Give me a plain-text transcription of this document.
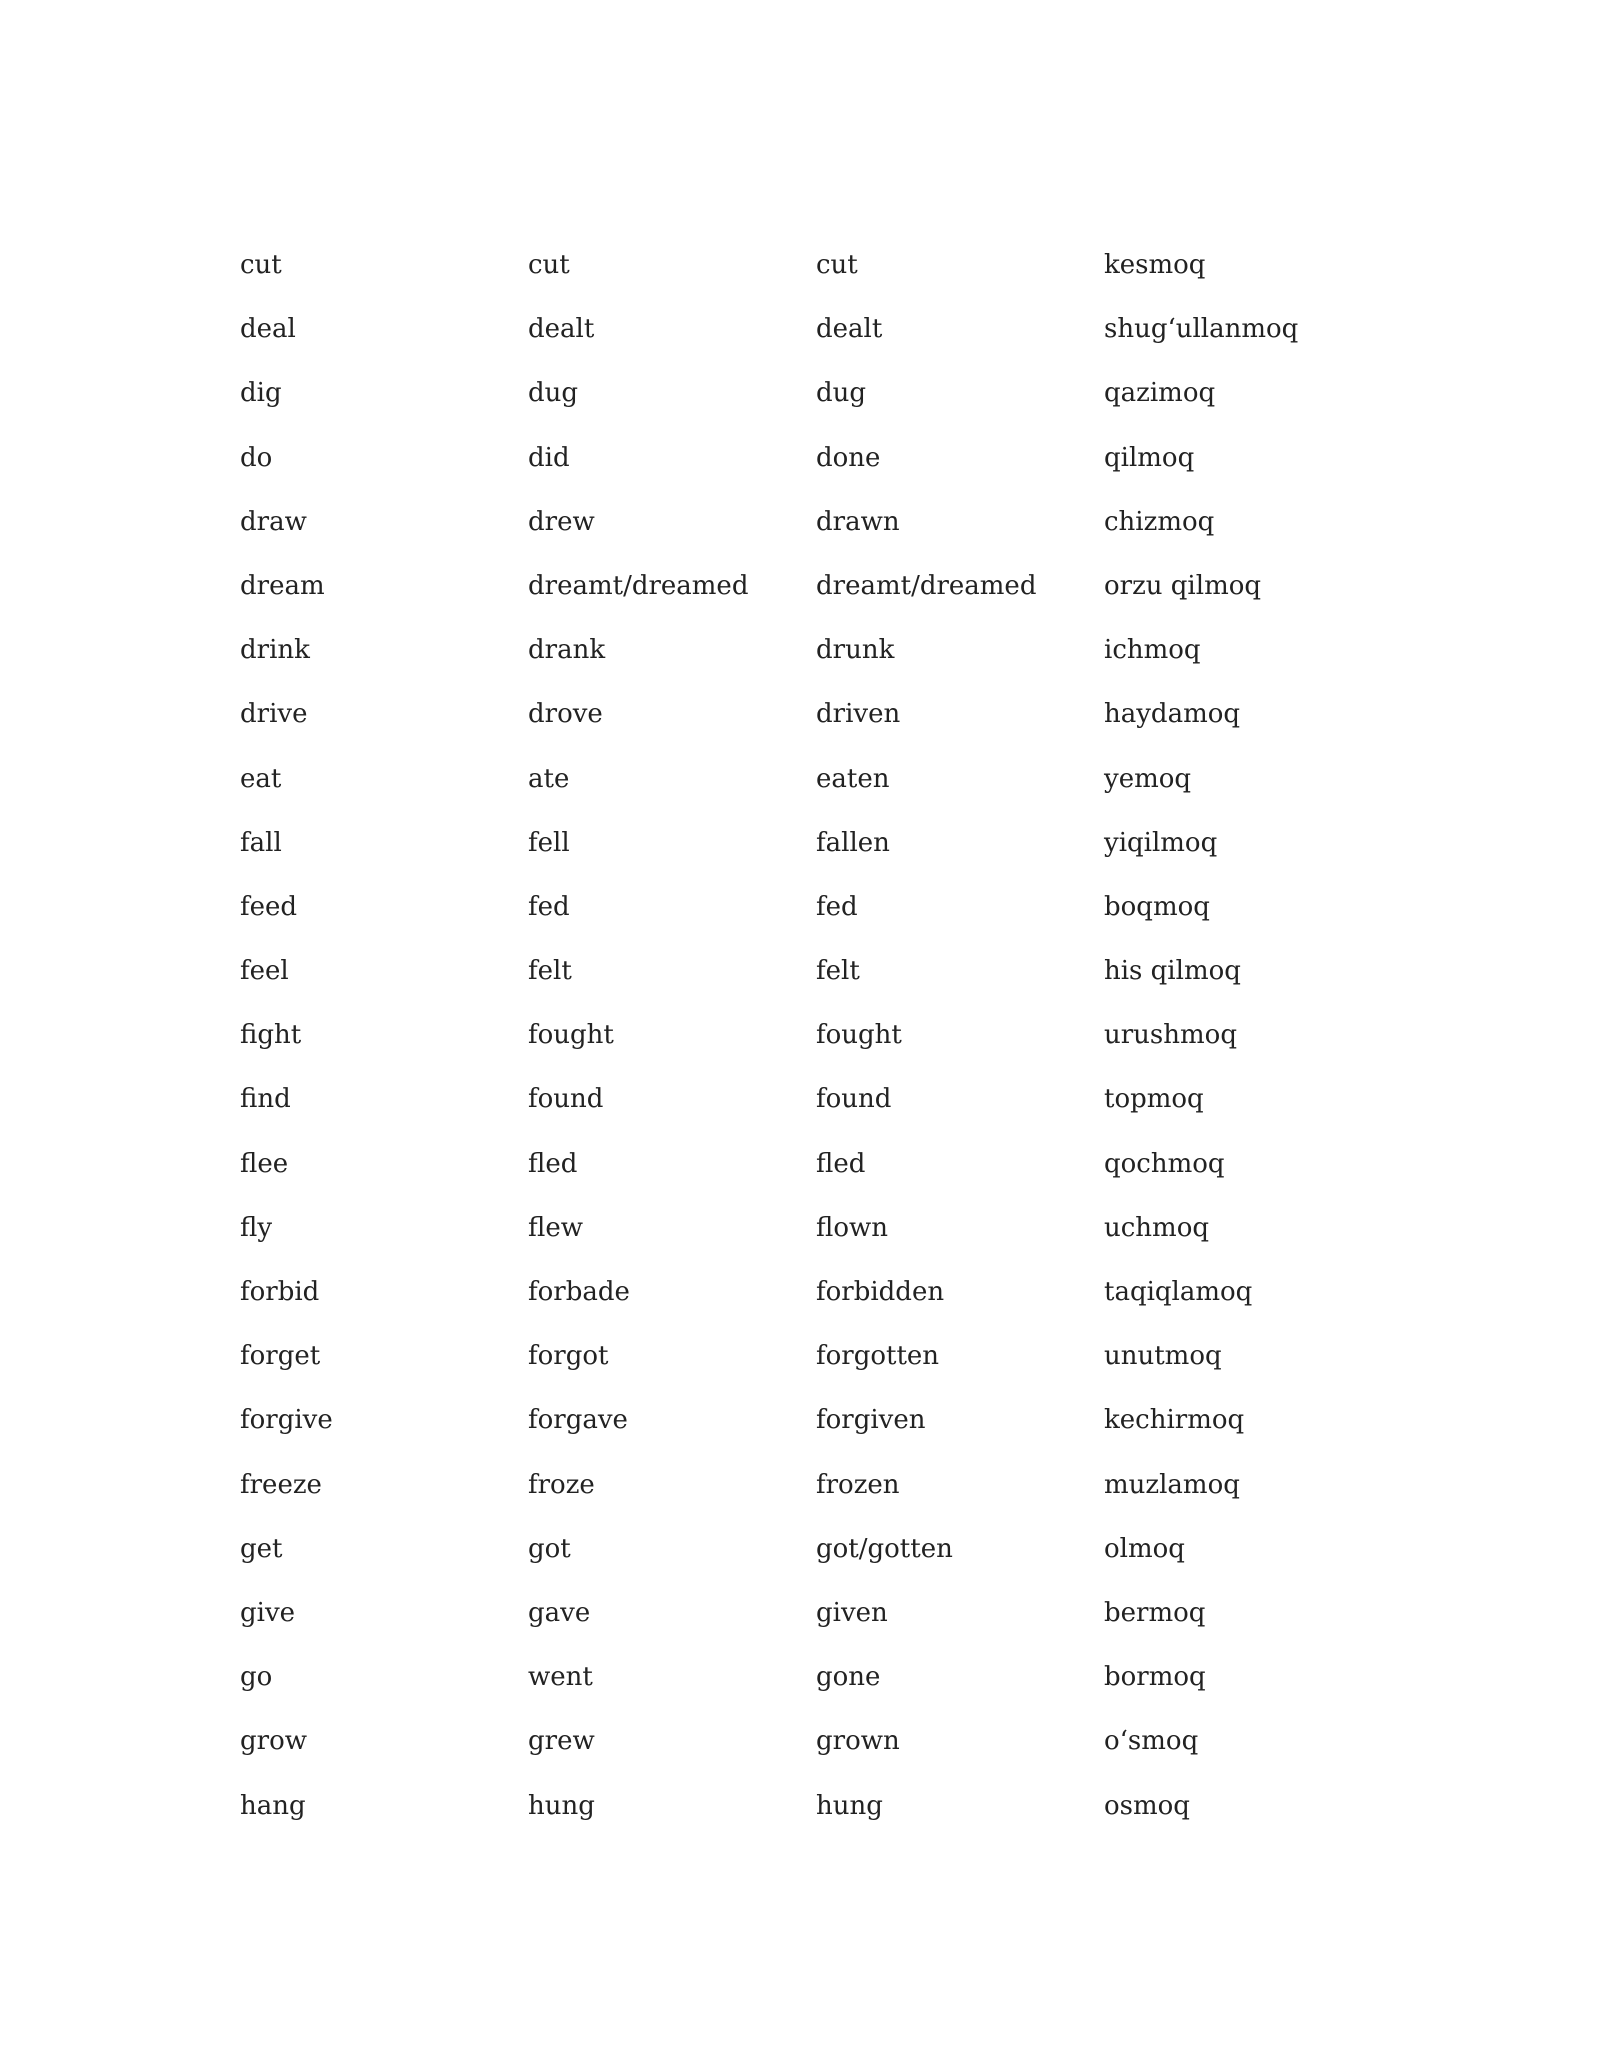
cut	cut	cut	kesmoq
deal	dealt	dealt	shug‘ullanmoq
dig	dug	dug	qazimoq
do	did	done	qilmoq
draw	drew	drawn	chizmoq
dream	dreamt/dreamed	dreamt/dreamed	orzu qilmoq
drink	drank	drunk	ichmoq
drive	drove	driven	haydamoq
eat	ate	eaten	yemoq
fall	fell	fallen	yiqilmoq
feed	fed	fed	boqmoq
feel	felt	felt	his qilmoq
fight	fought	fought	urushmoq
find	found	found	topmoq
flee	fled	fled	qochmoq
fly	flew	flown	uchmoq
forbid	forbade	forbidden	taqiqlamoq
forget	forgot	forgotten	unutmoq
forgive	forgave	forgiven	kechirmoq
freeze	froze	frozen	muzlamoq
get	got	got/gotten	olmoq
give	gave	given	bermoq
go	went	gone	bormoq
grow	grew	grown	o‘smoq
hang	hung	hung	osmoq
